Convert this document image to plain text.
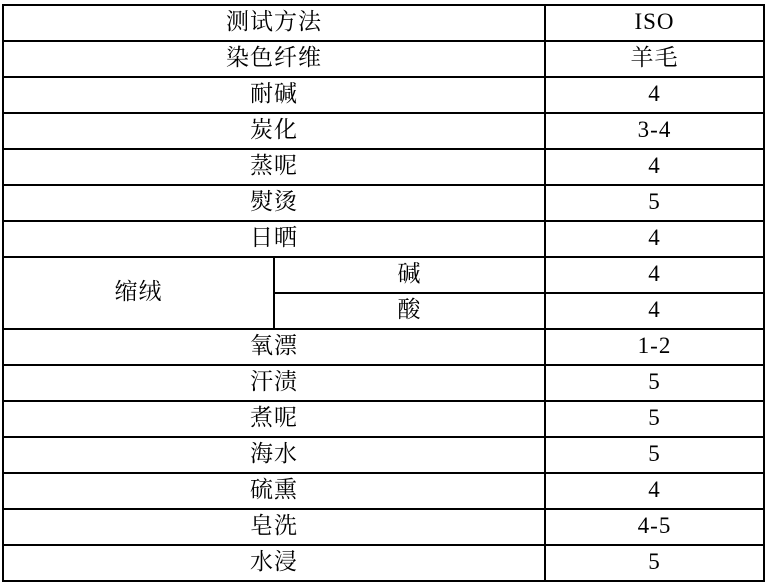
测试方法		ISO

染色纤维		羊毛

耐碱		4

炭化		3-4

蒸呢		4

熨烫		5

日晒		4

缩绒	碱	4

	酸	4

氧漂		1-2

汗渍		5

煮呢		5

海水		5

硫熏		4

皂洗		4-5

水浸		5
